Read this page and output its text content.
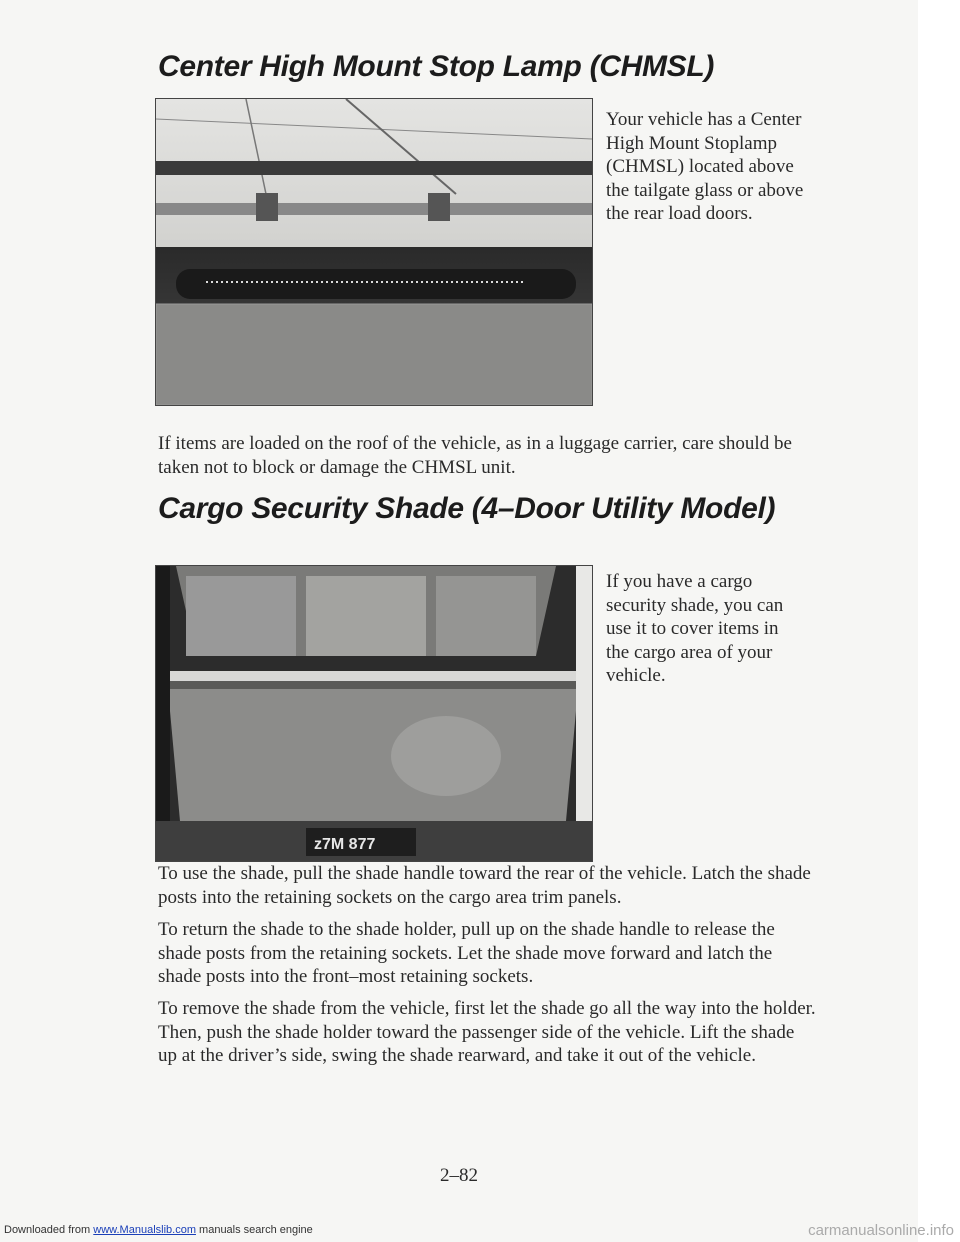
Center High Mount Stop Lamp (CHMSL)
Your vehicle has a Center High Mount Stoplamp (CHMSL) located above the tailgate glass or above the rear load doors.
If items are loaded on the roof of the vehicle, as in a luggage carrier, care should be taken not to block or damage the CHMSL unit.
Cargo Security Shade (4–Door Utility Model)
z7M 877
If you have a cargo security shade, you can use it to cover items in the cargo area of your vehicle.
To use the shade, pull the shade handle toward the rear of the vehicle. Latch the shade posts into the retaining sockets on the cargo area trim panels.
To return the shade to the shade holder, pull up on the shade handle to release the shade posts from the retaining sockets. Let the shade move forward and latch the shade posts into the front–most retaining sockets.
To remove the shade from the vehicle, first let the shade go all the way into the holder. Then, push the shade holder toward the passenger side of the vehicle. Lift the shade up at the driver’s side, swing the shade rearward, and take it out of the vehicle.
2–82
Downloaded from www.Manualslib.com manuals search engine	carmanualsonline.info
